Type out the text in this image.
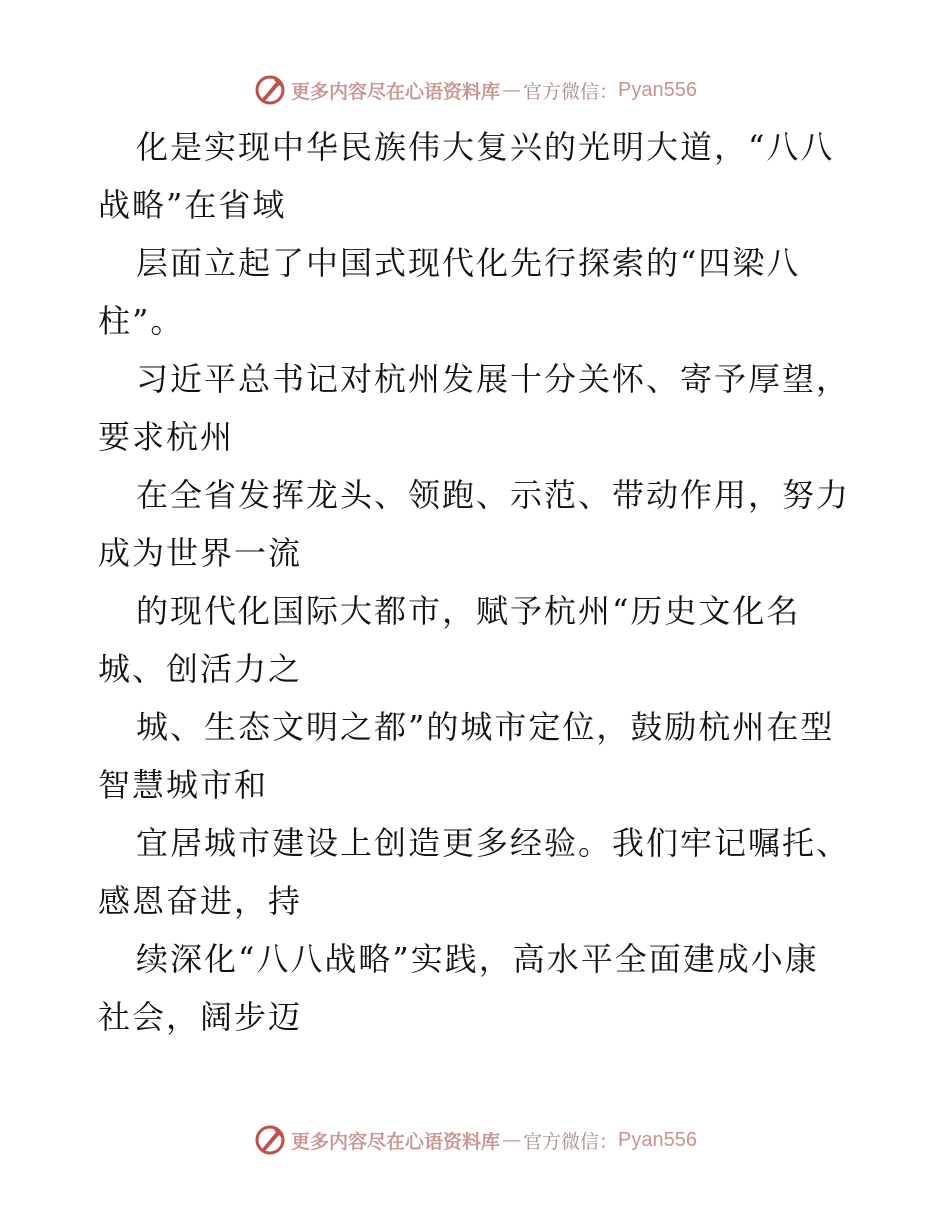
更多内容尽在心语资料库 — 官方微信： Pyan556
化是实现中华民族伟大复兴的光明大道，“八八
战略”在省域
层面立起了中国式现代化先行探索的“四梁八
柱”。
习近平总书记对杭州发展十分关怀、寄予厚望，
要求杭州
在全省发挥龙头、领跑、示范、带动作用，努力
成为世界一流
的现代化国际大都市，赋予杭州“历史文化名
城、创活力之
城、生态文明之都”的城市定位，鼓励杭州在型
智慧城市和
宜居城市建设上创造更多经验。我们牢记嘱托、
感恩奋进，持
续深化“八八战略”实践，高水平全面建成小康
社会，阔步迈
更多内容尽在心语资料库 — 官方微信： Pyan556
